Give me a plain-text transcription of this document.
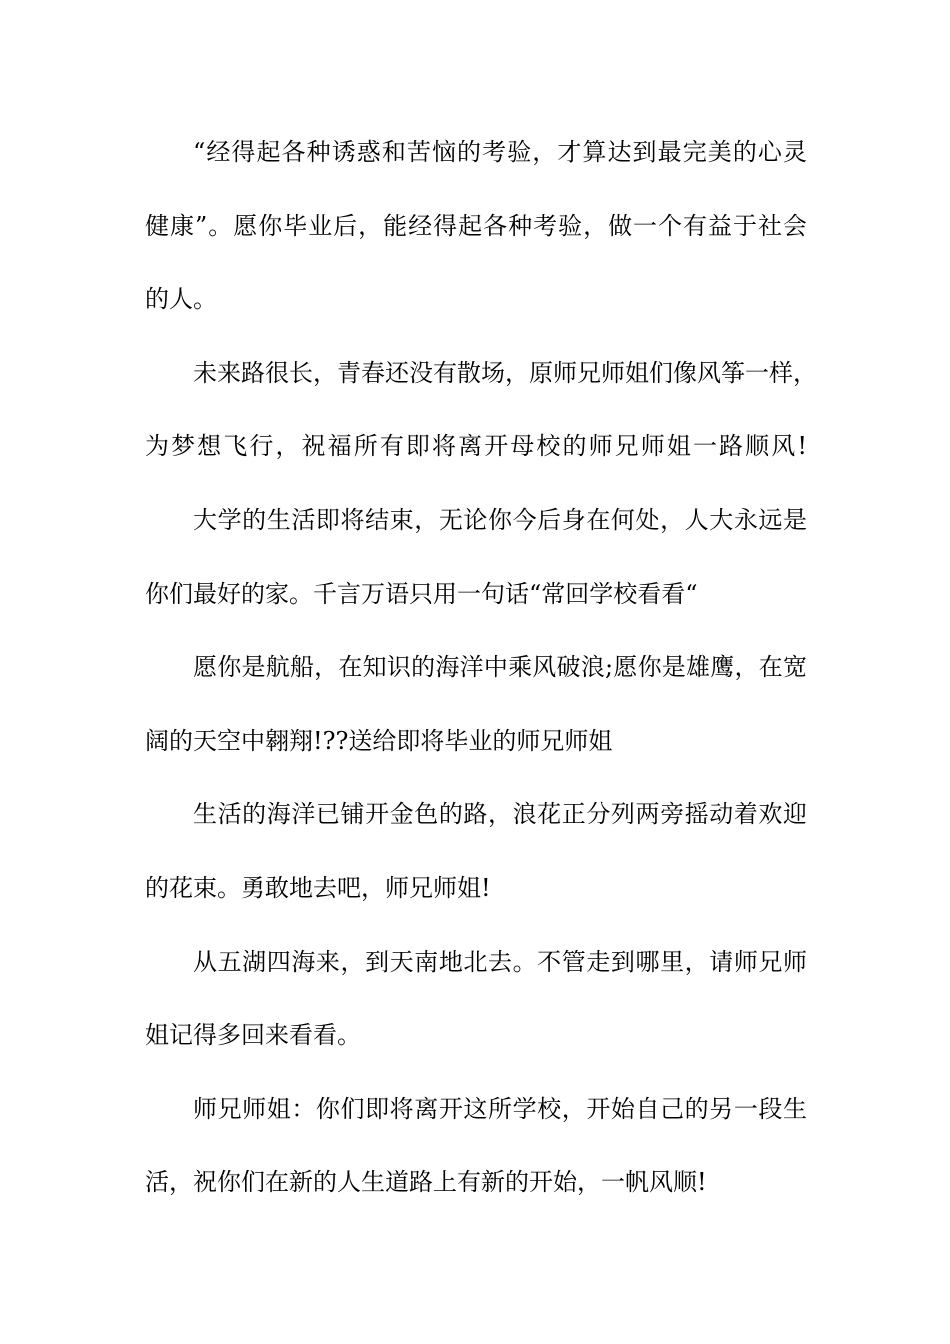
“经得起各种诱惑和苦恼的考验，才算达到最完美的心灵
健康”。愿你毕业后，能经得起各种考验，做一个有益于社会
的人。
未来路很长，青春还没有散场，原师兄师姐们像风筝一样，
为梦想飞行，祝福所有即将离开母校的师兄师姐一路顺风!
大学的生活即将结束，无论你今后身在何处，人大永远是
你们最好的家。千言万语只用一句话“常回学校看看“
愿你是航船，在知识的海洋中乘风破浪;愿你是雄鹰，在宽
阔的天空中翱翔!??送给即将毕业的师兄师姐
生活的海洋已铺开金色的路，浪花正分列两旁摇动着欢迎
的花束。勇敢地去吧，师兄师姐!
从五湖四海来，到天南地北去。不管走到哪里，请师兄师
姐记得多回来看看。
师兄师姐：你们即将离开这所学校，开始自己的另一段生
活，祝你们在新的人生道路上有新的开始，一帆风顺!
